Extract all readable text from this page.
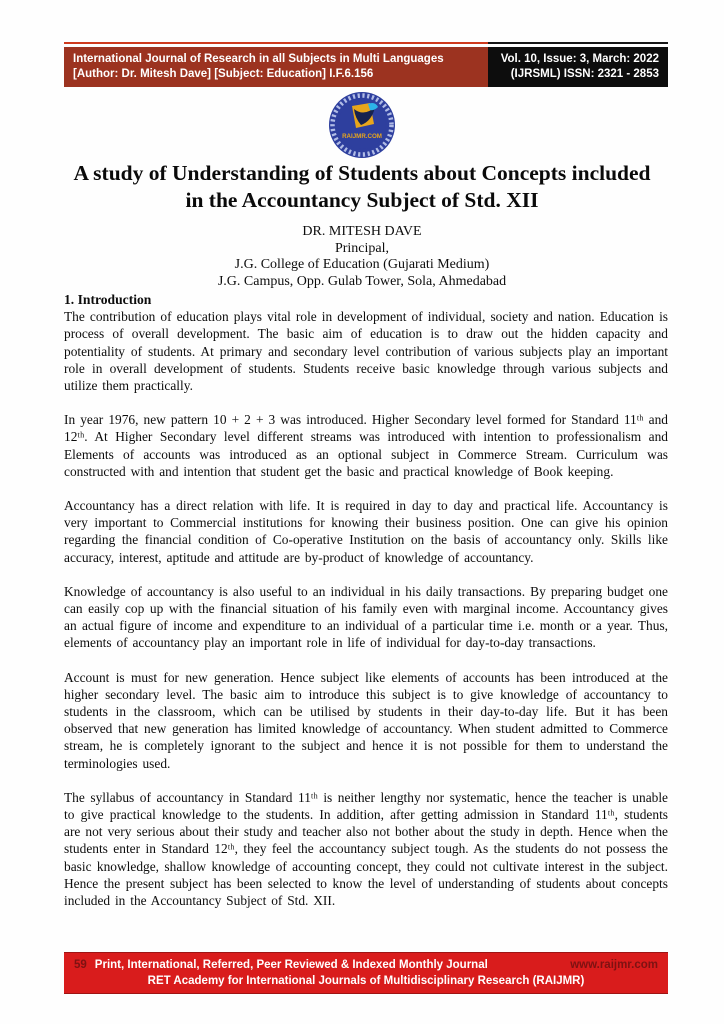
International Journal of Research in all Subjects in Multi Languages
[Author: Dr. Mitesh Dave] [Subject: Education] I.F.6.156
Vol. 10, Issue: 3, March: 2022
(IJRSML) ISSN: 2321 - 2853
RAIJMR.COM
A study of Understanding of Students about Concepts included
in the Accountancy Subject of Std. XII
DR. MITESH DAVE
Principal,
J.G. College of Education (Gujarati Medium)
J.G. Campus, Opp. Gulab Tower, Sola, Ahmedabad
1. Introduction

The contribution of education plays vital role in development of individual, society and nation. Education is process of overall development. The basic aim of education is to draw out the hidden capacity and potentiality of students. At primary and secondary level contribution of various subjects play an important role in overall development of students. Students receive basic knowledge through various subjects and utilize them practically.

In year 1976, new pattern 10 + 2 + 3 was introduced. Higher Secondary level formed for Standard 11ᵗʰ and 12ᵗʰ. At Higher Secondary level different streams was introduced with intention to professionalism and Elements of accounts was introduced as an optional subject in Commerce Stream. Curriculum was constructed with and intention that student get the basic and practical knowledge of Book keeping.

Accountancy has a direct relation with life. It is required in day to day and practical life. Accountancy is very important to Commercial institutions for knowing their business position. One can give his opinion regarding the financial condition of Co-operative Institution on the basis of accountancy only. Skills like accuracy, interest, aptitude and attitude are by-product of knowledge of accountancy.

Knowledge of accountancy is also useful to an individual in his daily transactions. By preparing budget one can easily cop up with the financial situation of his family even with marginal income. Accountancy gives an actual figure of income and expenditure to an individual of a particular time i.e. month or a year. Thus, elements of accountancy play an important role in life of individual for day-to-day transactions.

Account is must for new generation. Hence subject like elements of accounts has been introduced at the higher secondary level. The basic aim to introduce this subject is to give knowledge of accountancy to students in the classroom, which can be utilised by students in their day-to-day life. But it has been observed that new generation has limited knowledge of accountancy. When student admitted to Commerce stream, he is completely ignorant to the subject and hence it is not possible for them to understand the terminologies used.

The syllabus of accountancy in Standard 11ᵗʰ is neither lengthy nor systematic, hence the teacher is unable to give practical knowledge to the students. In addition, after getting admission in Standard 11ᵗʰ, students are not very serious about their study and teacher also not bother about the study in depth. Hence when the students enter in Standard 12ᵗʰ, they feel the accountancy subject tough. As the students do not possess the basic knowledge, shallow knowledge of accounting concept, they could not cultivate interest in the subject. Hence the present subject has been selected to know the level of understanding of students about concepts included in the Accountancy Subject of Std. XII.

59 Print, International, Referred, Peer Reviewed & Indexed Monthly Journal	www.raijmr.com
RET Academy for International Journals of Multidisciplinary Research (RAIJMR)
